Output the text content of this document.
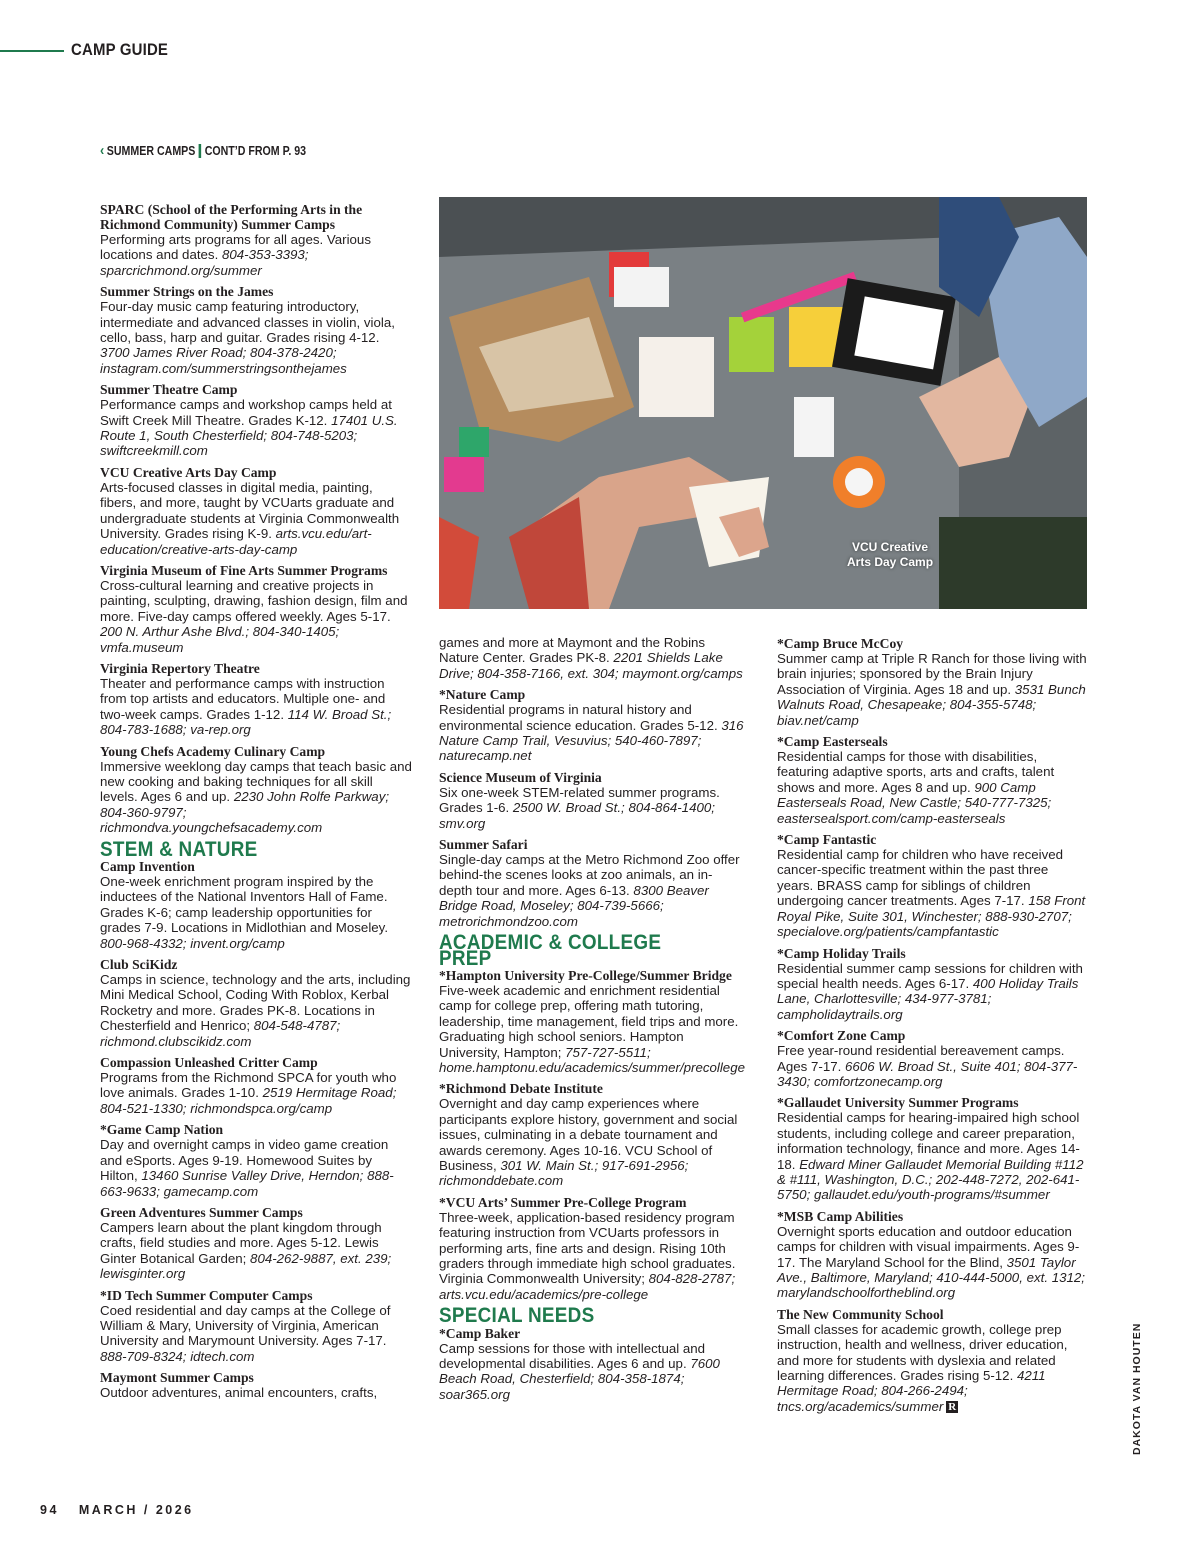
CAMP GUIDE
‹ SUMMER CAMPS CONT’D FROM P. 93
SPARC (School of the Performing Arts in the Richmond Community) Summer Camps
Performing arts programs for all ages. Various locations and dates. 804-353-3393; sparcrichmond.org/summer
Summer Strings on the James
Four-day music camp featuring introductory, intermediate and advanced classes in violin, viola, cello, bass, harp and guitar. Grades rising 4-12. 3700 James River Road; 804-378-2420; instagram.com/summerstringsonthejames
Summer Theatre Camp
Performance camps and workshop camps held at Swift Creek Mill Theatre. Grades K-12. 17401 U.S. Route 1, South Chesterfield; 804-748-5203; swiftcreekmill.com
VCU Creative Arts Day Camp
Arts-focused classes in digital media, painting, fibers, and more, taught by VCUarts graduate and undergraduate students at Virginia Commonwealth University. Grades rising K-9. arts.vcu.edu/art-education/creative-arts-day-camp
Virginia Museum of Fine Arts Summer Programs
Cross-cultural learning and creative projects in painting, sculpting, drawing, fashion design, film and more. Five-day camps offered weekly. Ages 5-17. 200 N. Arthur Ashe Blvd.; 804-340-1405; vmfa.museum
Virginia Repertory Theatre
Theater and performance camps with instruction from top artists and educators. Multiple one- and two-week camps. Grades 1-12. 114 W. Broad St.; 804-783-1688; va-rep.org
Young Chefs Academy Culinary Camp
Immersive weeklong day camps that teach basic and new cooking and baking techniques for all skill levels. Ages 6 and up. 2230 John Rolfe Parkway; 804-360-9797; richmondva.youngchefsacademy.com
STEM & NATURE
Camp Invention
One-week enrichment program inspired by the inductees of the National Inventors Hall of Fame. Grades K-6; camp leadership opportunities for grades 7-9. Locations in Midlothian and Moseley. 800-968-4332; invent.org/camp
Club SciKidz
Camps in science, technology and the arts, including Mini Medical School, Coding With Roblox, Kerbal Rocketry and more. Grades PK-8. Locations in Chesterfield and Henrico; 804-548-4787; richmond.clubscikidz.com
Compassion Unleashed Critter Camp
Programs from the Richmond SPCA for youth who love animals. Grades 1-10. 2519 Hermitage Road; 804-521-1330; richmondspca.org/camp
*Game Camp Nation
Day and overnight camps in video game creation and eSports. Ages 9-19. Homewood Suites by Hilton, 13460 Sunrise Valley Drive, Herndon; 888-663-9633; gamecamp.com
Green Adventures Summer Camps
Campers learn about the plant kingdom through crafts, field studies and more. Ages 5-12. Lewis Ginter Botanical Garden; 804-262-9887, ext. 239; lewisginter.org
*ID Tech Summer Computer Camps
Coed residential and day camps at the College of William & Mary, University of Virginia, American University and Marymount University. Ages 7-17. 888-709-8324; idtech.com
Maymont Summer Camps
Outdoor adventures, animal encounters, crafts,
VCU Creative
Arts Day Camp
games and more at Maymont and the Robins Nature Center. Grades PK-8. 2201 Shields Lake Drive; 804-358-7166, ext. 304; maymont.org/camps
*Nature Camp
Residential programs in natural history and environmental science education. Grades 5-12. 316 Nature Camp Trail, Vesuvius; 540-460-7897; naturecamp.net
Science Museum of Virginia
Six one-week STEM-related summer programs. Grades 1-6. 2500 W. Broad St.; 804-864-1400; smv.org
Summer Safari
Single-day camps at the Metro Richmond Zoo offer behind-the scenes looks at zoo animals, an in-depth tour and more. Ages 6-13. 8300 Beaver Bridge Road, Moseley; 804-739-5666; metrorichmondzoo.com
ACADEMIC & COLLEGE PREP
*Hampton University Pre-College/Summer Bridge
Five-week academic and enrichment residential camp for college prep, offering math tutoring, leadership, time management, field trips and more. Graduating high school seniors. Hampton University, Hampton; 757-727-5511; home.hamptonu.edu/academics/summer/precollege
*Richmond Debate Institute
Overnight and day camp experiences where participants explore history, government and social issues, culminating in a debate tournament and awards ceremony. Ages 10-16. VCU School of Business, 301 W. Main St.; 917-691-2956; richmonddebate.com
*VCU Arts’ Summer Pre-College Program
Three-week, application-based residency program featuring instruction from VCUarts professors in performing arts, fine arts and design. Rising 10th graders through immediate high school graduates. Virginia Commonwealth University; 804-828-2787; arts.vcu.edu/academics/pre-college
SPECIAL NEEDS
*Camp Baker
Camp sessions for those with intellectual and developmental disabilities. Ages 6 and up. 7600 Beach Road, Chesterfield; 804-358-1874; soar365.org
*Camp Bruce McCoy
Summer camp at Triple R Ranch for those living with brain injuries; sponsored by the Brain Injury Association of Virginia. Ages 18 and up. 3531 Bunch Walnuts Road, Chesapeake; 804-355-5748; biav.net/camp
*Camp Easterseals
Residential camps for those with disabilities, featuring adaptive sports, arts and crafts, talent shows and more. Ages 8 and up. 900 Camp Easterseals Road, New Castle; 540-777-7325; eastersealsport.com/camp-easterseals
*Camp Fantastic
Residential camp for children who have received cancer-specific treatment within the past three years. BRASS camp for siblings of children undergoing cancer treatments. Ages 7-17. 158 Front Royal Pike, Suite 301, Winchester; 888-930-2707; specialove.org/patients/campfantastic
*Camp Holiday Trails
Residential summer camp sessions for children with special health needs. Ages 6-17. 400 Holiday Trails Lane, Charlottesville; 434-977-3781; campholidaytrails.org
*Comfort Zone Camp
Free year-round residential bereavement camps. Ages 7-17. 6606 W. Broad St., Suite 401; 804-377-3430; comfortzonecamp.org
*Gallaudet University Summer Programs
Residential camps for hearing-impaired high school students, including college and career preparation, information technology, finance and more. Ages 14-18. Edward Miner Gallaudet Memorial Building #112 & #111, Washington, D.C.; 202-448-7272, 202-641-5750; gallaudet.edu/youth-programs/#summer
*MSB Camp Abilities
Overnight sports education and outdoor education camps for children with visual impairments. Ages 9-17. The Maryland School for the Blind, 3501 Taylor Ave., Baltimore, Maryland; 410-444-5000, ext. 1312; marylandschoolfortheblind.org
The New Community School
Small classes for academic growth, college prep instruction, health and wellness, driver education, and more for students with dyslexia and related learning differences. Grades rising 5-12. 4211 Hermitage Road; 804-266-2494; tncs.org/academics/summer R	DAKOTA VAN HOUTEN
94 MARCH / 2026
